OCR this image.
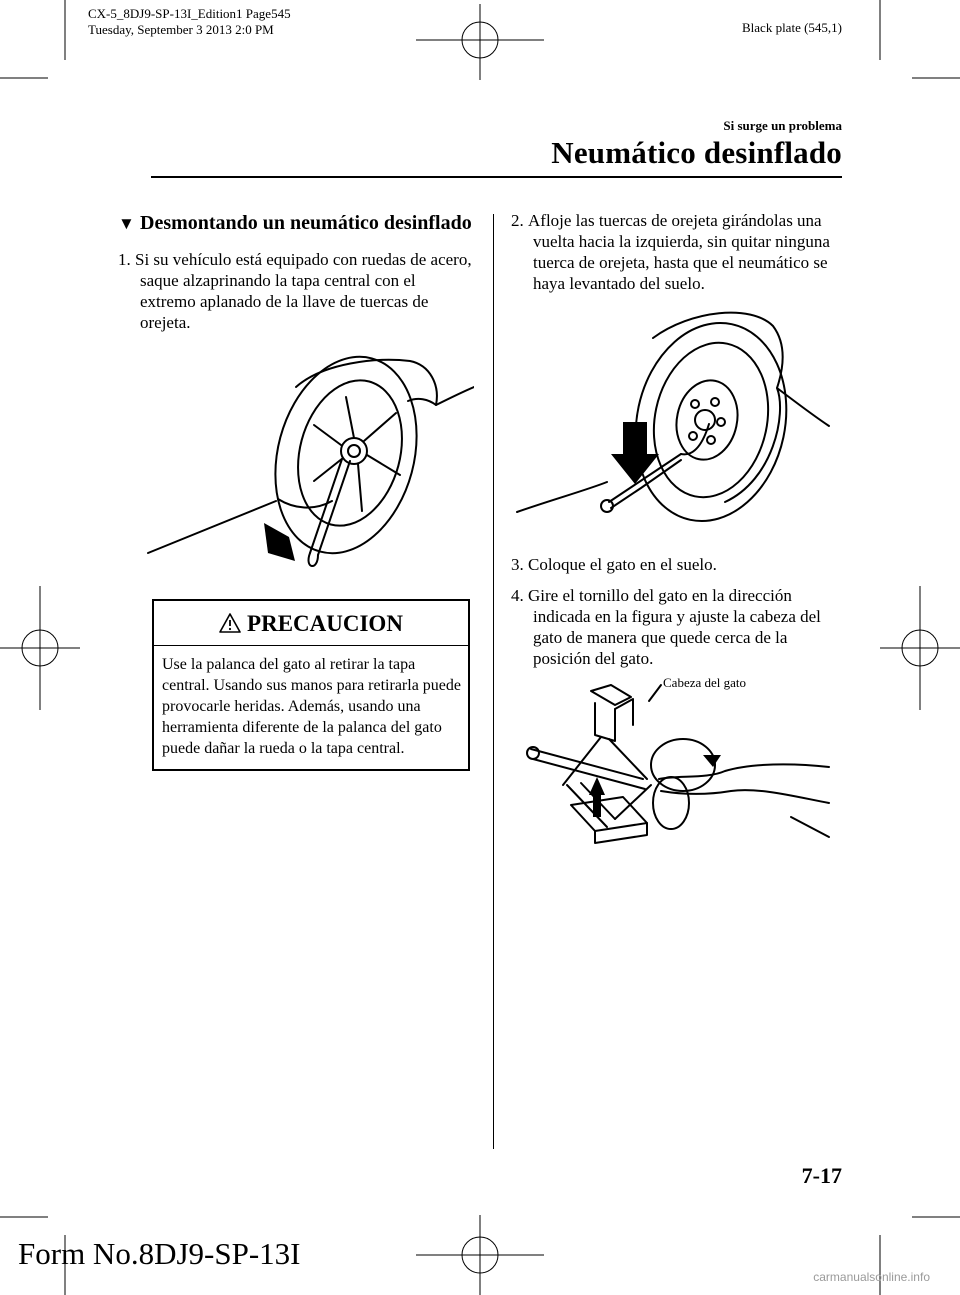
CX-5_8DJ9-SP-13I_Edition1 Page545
Tuesday, September 3 2013 2:0 PM	Black plate (545,1)
Si surge un problema
Neumático desinflado
▼ Desmontando un neumático desinflado
1. Si su vehículo está equipado con ruedas de acero, saque alzaprinando la tapa central con el extremo aplanado de la llave de tuercas de orejeta.
PRECAUCION
Use la palanca del gato al retirar la tapa central. Usando sus manos para retirarla puede provocarle heridas. Además, usando una herramienta diferente de la palanca del gato puede dañar la rueda o la tapa central.
2. Afloje las tuercas de orejeta girándolas una vuelta hacia la izquierda, sin quitar ninguna tuerca de orejeta, hasta que el neumático se haya levantado del suelo.
3. Coloque el gato en el suelo.
4. Gire el tornillo del gato en la dirección indicada en la figura y ajuste la cabeza del gato de manera que quede cerca de la posición del gato.
Cabeza del gato
7-17
Form No.8DJ9-SP-13I
carmanualsonline.info
